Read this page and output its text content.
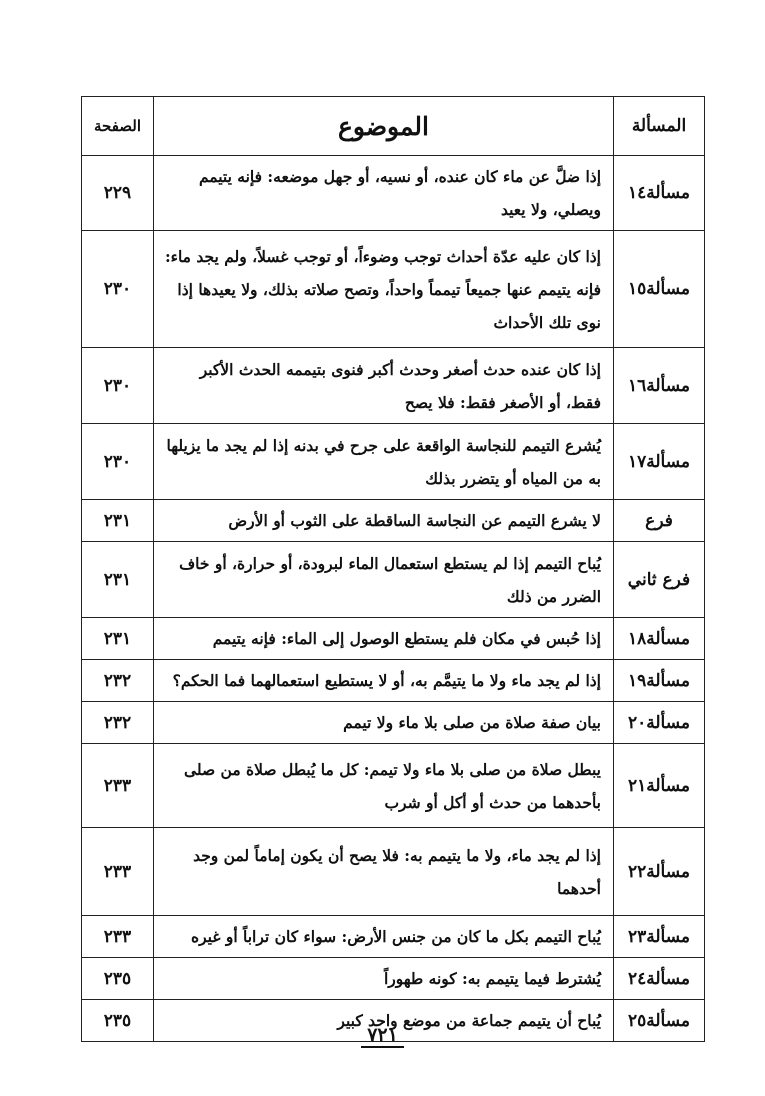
المسألة	الموضوع	الصفحة
مسألة١٤	إذا ضلَّ عن ماء كان عنده، أو نسيه، أو جهل موضعه: فإنه يتيمم ويصلي، ولا يعيد	٢٢٩
مسألة١٥	إذا كان عليه عدّة أحداث توجب وضوءاً، أو توجب غسلاً، ولم يجد ماء: فإنه يتيمم عنها جميعاً تيمماً واحداً، وتصح صلاته بذلك، ولا يعيدها إذا نوى تلك الأحداث	٢٣٠
مسألة١٦	إذا كان عنده حدث أصغر وحدث أكبر فنوى بتيممه الحدث الأكبر فقط، أو الأصغر فقط: فلا يصح	٢٣٠
مسألة١٧	يُشرع التيمم للنجاسة الواقعة على جرح في بدنه إذا لم يجد ما يزيلها به من المياه أو يتضرر بذلك	٢٣٠
فرع	لا يشرع التيمم عن النجاسة الساقطة على الثوب أو الأرض	٢٣١
فرع ثاني	يُباح التيمم إذا لم يستطع استعمال الماء لبرودة، أو حرارة، أو خاف الضرر من ذلك	٢٣١
مسألة١٨	إذا حُبس في مكان فلم يستطع الوصول إلى الماء: فإنه يتيمم	٢٣١
مسألة١٩	إذا لم يجد ماء ولا ما يتيمَّم به، أو لا يستطيع استعمالهما فما الحكم؟	٢٣٢
مسألة٢٠	بيان صفة صلاة من صلى بلا ماء ولا تيمم	٢٣٢
مسألة٢١	يبطل صلاة من صلى بلا ماء ولا تيمم: كل ما يُبطل صلاة من صلى بأحدهما من حدث أو أكل أو شرب	٢٣٣
مسألة٢٢	إذا لم يجد ماء، ولا ما يتيمم به: فلا يصح أن يكون إماماً لمن وجد أحدهما	٢٣٣
مسألة٢٣	يُباح التيمم بكل ما كان من جنس الأرض: سواء كان تراباً أو غيره	٢٣٣
مسألة٢٤	يُشترط فيما يتيمم به: كونه طهوراً	٢٣٥
مسألة٢٥	يُباح أن يتيمم جماعة من موضع واحد كبير	٢٣٥
٧٢١
